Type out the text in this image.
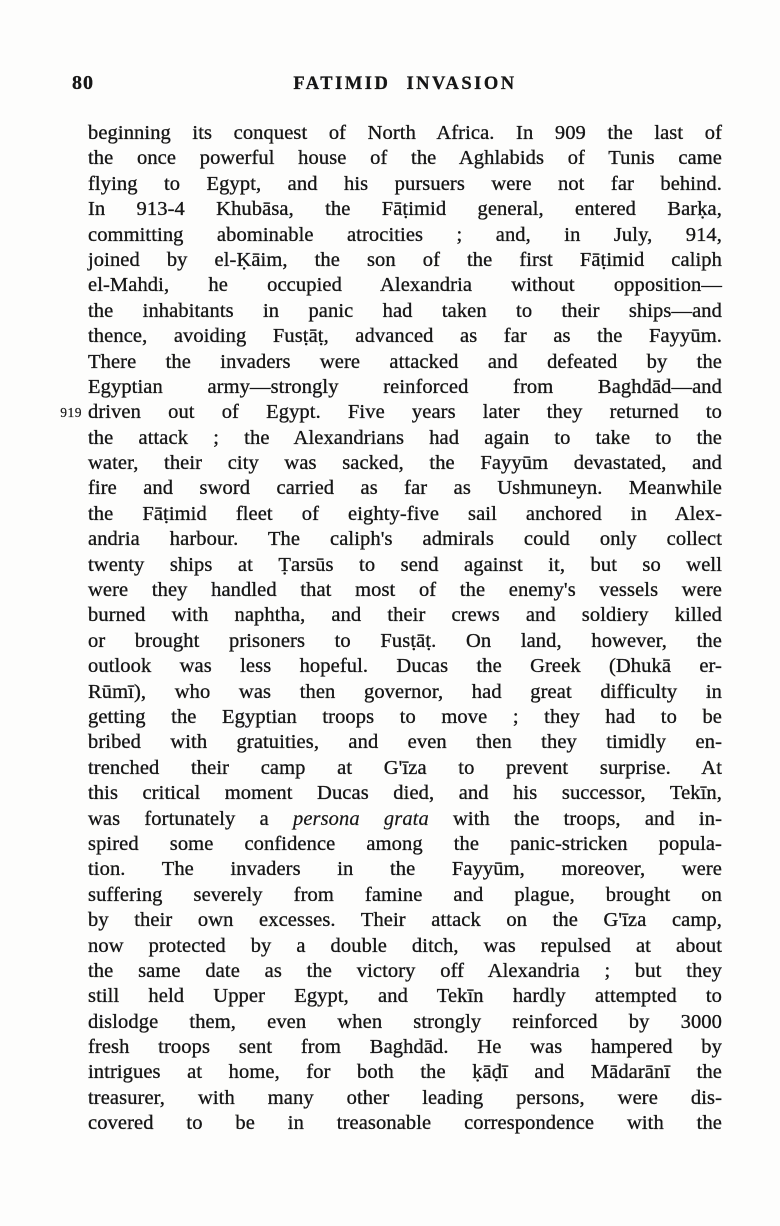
80	FATIMID INVASION
beginning its conquest of North Africa. In 909 the last of
the once powerful house of the Aghlabids of Tunis came
flying to Egypt, and his pursuers were not far behind.
In 913-4 Khubāsa, the Fāṭimid general, entered Barḳa,
committing abominable atrocities ; and, in July, 914,
joined by el-Ḳāim, the son of the first Fāṭimid caliph
el-Mahdi, he occupied Alexandria without opposition—
the inhabitants in panic had taken to their ships—and
thence, avoiding Fusṭāṭ, advanced as far as the Fayyūm.
There the invaders were attacked and defeated by the
Egyptian army—strongly reinforced from Baghdād—and
driven out of Egypt. Five years later they returned to
919
the attack ; the Alexandrians had again to take to the
water, their city was sacked, the Fayyūm devastated, and
fire and sword carried as far as Ushmuneyn. Meanwhile
the Fāṭimid fleet of eighty-five sail anchored in Alex-
andria harbour. The caliph's admirals could only collect
twenty ships at Ṭarsūs to send against it, but so well
were they handled that most of the enemy's vessels were
burned with naphtha, and their crews and soldiery killed
or brought prisoners to Fusṭāṭ. On land, however, the
outlook was less hopeful. Ducas the Greek (Dhukā er-
Rūmī), who was then governor, had great difficulty in
getting the Egyptian troops to move ; they had to be
bribed with gratuities, and even then they timidly en-
trenched their camp at G'īza to prevent surprise. At
this critical moment Ducas died, and his successor, Tekīn,
was fortunately a persona grata with the troops, and in-
spired some confidence among the panic-stricken popula-
tion. The invaders in the Fayyūm, moreover, were
suffering severely from famine and plague, brought on
by their own excesses. Their attack on the G'īza camp,
now protected by a double ditch, was repulsed at about
the same date as the victory off Alexandria ; but they
still held Upper Egypt, and Tekīn hardly attempted to
dislodge them, even when strongly reinforced by 3000
fresh troops sent from Baghdād. He was hampered by
intrigues at home, for both the ḳāḍī and Mādarānī the
treasurer, with many other leading persons, were dis-
covered to be in treasonable correspondence with the
